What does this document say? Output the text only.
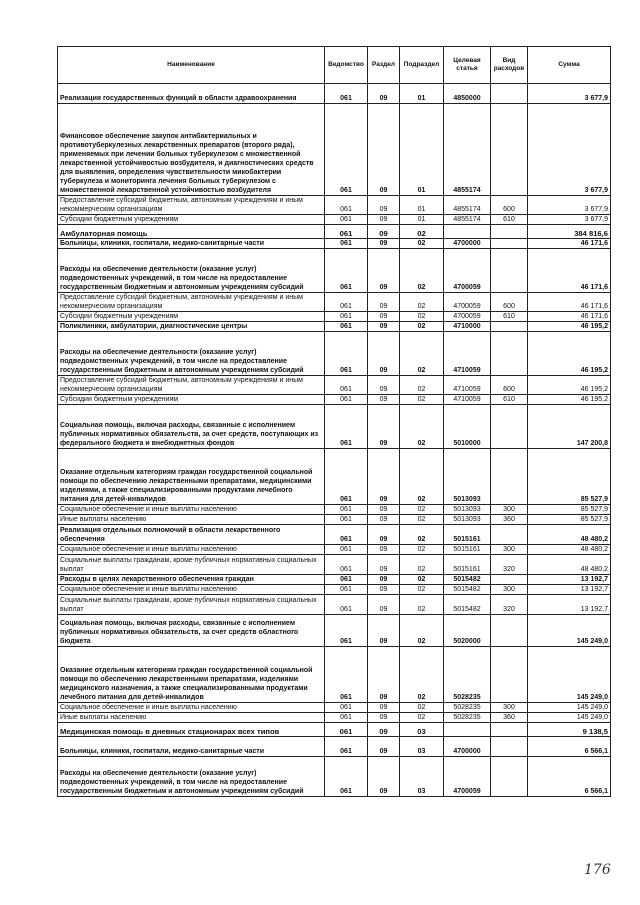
Наименование	Ведомство	Раздел	Подраздел	Целевая статья	Вид расходов	Сумма
Реализация государственных функций в области здравоохранения	061	09	01	4850000		3 677,9
Финансовое обеспечение закупок антибактериальных и противотуберкулезных лекарственных препаратов (второго ряда), применяемых при лечении больных туберкулезом с множественной лекарственной устойчивостью возбудителя, и диагностических средств для выявления, определения чувствительности микобактерии туберкулеза и мониторинга лечения больных туберкулезом с множественной лекарственной устойчивостью возбудителя	061	09	01	4855174		3 677,9
Предоставление субсидий бюджетным, автономным учреждениям и иным некоммерческим организациям	061	09	01	4855174	600	3 677,9
Субсидии бюджетным учреждениям	061	09	01	4855174	610	3 677,9
Амбулаторная помощь	061	09	02			384 816,6
Больницы, клиники, госпитали, медико-санитарные части	061	09	02	4700000		46 171,6
Расходы на обеспечение деятельности (оказание услуг) подведомственных учреждений, в том числе на предоставление государственным бюджетным и автономным учреждениям субсидий	061	09	02	4700059		46 171,6
Предоставление субсидий бюджетным, автономным учреждениям и иным некоммерческим организациям	061	09	02	4700059	600	46 171,6
Субсидии бюджетным учреждениям	061	09	02	4700059	610	46 171,6
Поликлиники, амбулатории, диагностические центры	061	09	02	4710000		46 195,2
Расходы на обеспечение деятельности (оказание услуг) подведомственных учреждений, в том числе на предоставление государственным бюджетным и автономным учреждениям субсидий	061	09	02	4710059		46 195,2
Предоставление субсидий бюджетным, автономным учреждениям и иным некоммерческим организациям	061	09	02	4710059	600	46 195,2
Субсидии бюджетным учреждениям	061	09	02	4710059	610	46 195,2
Социальная помощь, включая расходы, связанные с исполнением публичных нормативных обязательств, за счет средств, поступающих из федерального бюджета и внебюджетных фондов	061	09	02	5010000		147 200,8
Оказание отдельным категориям граждан государственной социальной помощи по обеспечению лекарственными препаратами, медицинскими изделиями, а также специализированными продуктами лечебного питания для детей-инвалидов	061	09	02	5013093		85 527,9
Социальное обеспечение и иные выплаты населению	061	09	02	5013093	300	85 527,9
Иные выплаты населению	061	09	02	5013093	360	85 527,9
Реализация отдельных полномочий в области лекарственного обеспечения	061	09	02	5015161		48 480,2
Социальное обеспечение и иные выплаты населению	061	09	02	5015161	300	48 480,2
Социальные выплаты гражданам, кроме публичных нормативных социальных выплат	061	09	02	5015161	320	48 480,2
Расходы в целях лекарственного обеспечения граждан	061	09	02	5015482		13 192,7
Социальное обеспечение и иные выплаты населению	061	09	02	5015482	300	13 192,7
Социальные выплаты гражданам, кроме публичных нормативных социальных выплат	061	09	02	5015482	320	13 192,7
Социальная помощь, включая расходы, связанные с исполнением публичных нормативных обязательств, за счет средств областного бюджета	061	09	02	5020000		145 249,0
Оказание отдельным категориям граждан государственной социальной помощи по обеспечению лекарственными препаратами, изделиями медицинского назначения, а также специализированными продуктами лечебного питания для детей-инвалидов	061	09	02	5028235		145 249,0
Социальное обеспечение и иные выплаты населению	061	09	02	5028235	300	145 249,0
Иные выплаты населению	061	09	02	5028235	360	145 249,0
Медицинская помощь в дневных стационарах всех типов	061	09	03			9 138,5
Больницы, клиники, госпитали, медико-санитарные части	061	09	03	4700000		6 566,1
Расходы на обеспечение деятельности (оказание услуг) подведомственных учреждений, в том числе на предоставление государственным бюджетным и автономным учреждениям субсидий	061	09	03	4700059		6 566,1
176
